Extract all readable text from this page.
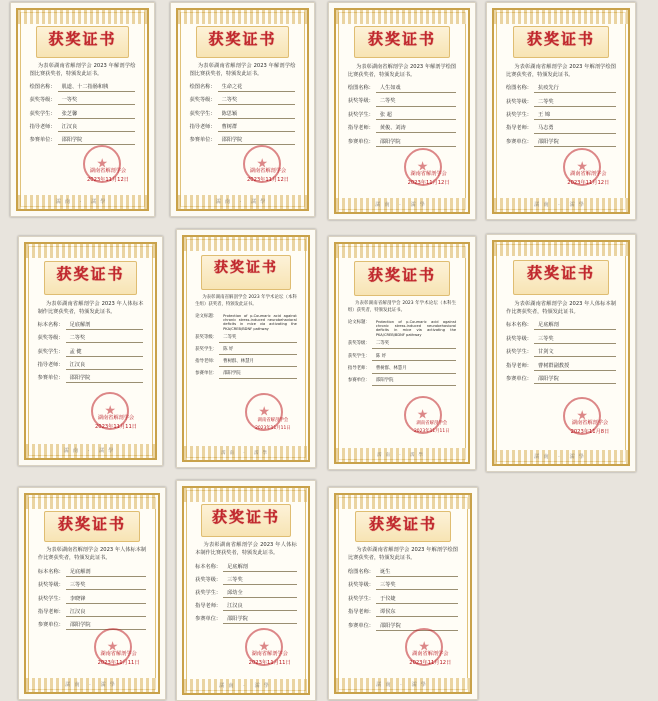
获奖证书
为表彰湖南省解剖学会 2023 年解剖学绘图比赛获奖者，特颁发此证书。
绘图名称：	肌道、十二指肠和胰
获奖等级：	一等奖
获奖学生：	张芝馨
指导老师：	江汉良
参赛单位：	邵阳学院
★
湖南省解剖学会
2023年11月12日
濡南 · 濡學
获奖证书
为表彰湖南省解剖学会 2023 年解剖学绘图比赛获奖者，特颁发此证书。
绘图名称：	生命之花
获奖等级：	二等奖
获奖学生：	陈思颖
指导老师：	曹树群
参赛单位：	邵阳学院
★
湖南省解剖学会
2023年11月12日
濡南 · 濡學
获奖证书
为表彰湖南省解剖学会 2023 年解剖学绘图比赛获奖者，特颁发此证书。
绘图名称：	人生如戏
获奖等级：	二等奖
获奖学生：	张 超
指导老师：	黄俊、刘涛
参赛单位：	邵阳学院
★
湖南省解剖学会
2023年11月12日
濡南 · 濡學
获奖证书
为表彰湖南省解剖学会 2023 年解剖学绘图比赛获奖者，特颁发此证书。
绘图名称：	抗疫先行
获奖等级：	二等奖
获奖学生：	王 锦
指导老师：	马志勇
参赛单位：	邵阳学院
★
湖南省解剖学会
2023年11月12日
濡南 · 濡學
获奖证书
为表彰湖南省解剖学会 2023 年人体标本制作比赛获奖者，特颁发此证书。
标本名称：	足底解剖
获奖等级：	二等奖
获奖学生：	孟 健
指导老师：	江汉良
参赛单位：	邵阳学院
★
湖南省解剖学会
2023年11月11日
濡南 · 濡學
获奖证书
为表彰湖南省解剖学会 2023 年学术论坛（本科生组）获奖者，特颁发此证书。
论文标题：	Protection of p-Coumaric acid against chronic stress-induced neurobehavioral deficits in mice via activating the PKA/CREB/BDNF pathway
获奖等级：	二等奖
获奖学生：	陈 妤
指导老师：	曹树群、林慧月
参赛单位：	邵阳学院
★
湖南省解剖学会
2023年11月11日
濡南 · 濡學
获奖证书
为表彰湖南省解剖学会 2023 年学术论坛（本科生组）获奖者，特颁发此证书。
论文标题：	Protection of p-Coumaric acid against chronic stress-induced neurobehavioral deficits in mice via activating the PKA/CREB/BDNF pathway
获奖等级：	二等奖
获奖学生：	陈 妤
指导老师：	曹树群、林慧月
参赛单位：	邵阳学院
★
湖南省解剖学会
2023年11月11日
濡南 · 濡學
获奖证书
为表彰湖南省解剖学会 2023 年人体标本制作比赛获奖者，特颁发此证书。
标本名称：	足底解剖
获奖等级：	三等奖
获奖学生：	甘剑文
指导老师：	曹树群副教授
参赛单位：	邵阳学院
★
湖南省解剖学会
2023年11月8日
濡南 · 濡學
获奖证书
为表彰湖南省解剖学会 2023 年人体标本制作比赛获奖者，特颁发此证书。
标本名称：	足底解剖
获奖等级：	三等奖
获奖学生：	李晓锋
指导老师：	江汉良
参赛单位：	邵阳学院
★
湖南省解剖学会
2023年11月11日
濡南 · 濡學
获奖证书
为表彰湖南省解剖学会 2023 年人体标本制作比赛获奖者，特颁发此证书。
标本名称：	足底解剖
获奖等级：	三等奖
获奖学生：	邱幼全
指导老师：	江汉良
参赛单位：	邵阳学院
★
湖南省解剖学会
2023年11月11日
濡南 · 濡學
获奖证书
为表彰湖南省解剖学会 2023 年解剖学绘图比赛获奖者，特颁发此证书。
绘图名称：	诞生
获奖等级：	三等奖
获奖学生：	于仪婕
指导老师：	谭侯东
参赛单位：	邵阳学院
★
湖南省解剖学会
2023年11月12日
濡南 · 濡學
